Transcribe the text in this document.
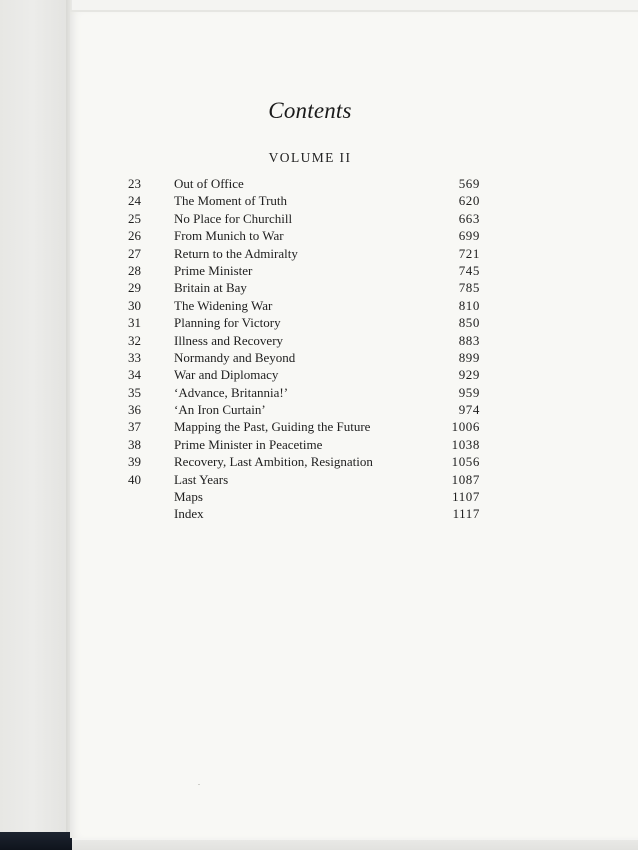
Contents
VOLUME II
23	Out of Office	569
24	The Moment of Truth	620
25	No Place for Churchill	663
26	From Munich to War	699
27	Return to the Admiralty	721
28	Prime Minister	745
29	Britain at Bay	785
30	The Widening War	810
31	Planning for Victory	850
32	Illness and Recovery	883
33	Normandy and Beyond	899
34	War and Diplomacy	929
35	‘Advance, Britannia!’	959
36	‘An Iron Curtain’	974
37	Mapping the Past, Guiding the Future	1006
38	Prime Minister in Peacetime	1038
39	Recovery, Last Ambition, Resignation	1056
40	Last Years	1087
Maps	1107
Index	1117
